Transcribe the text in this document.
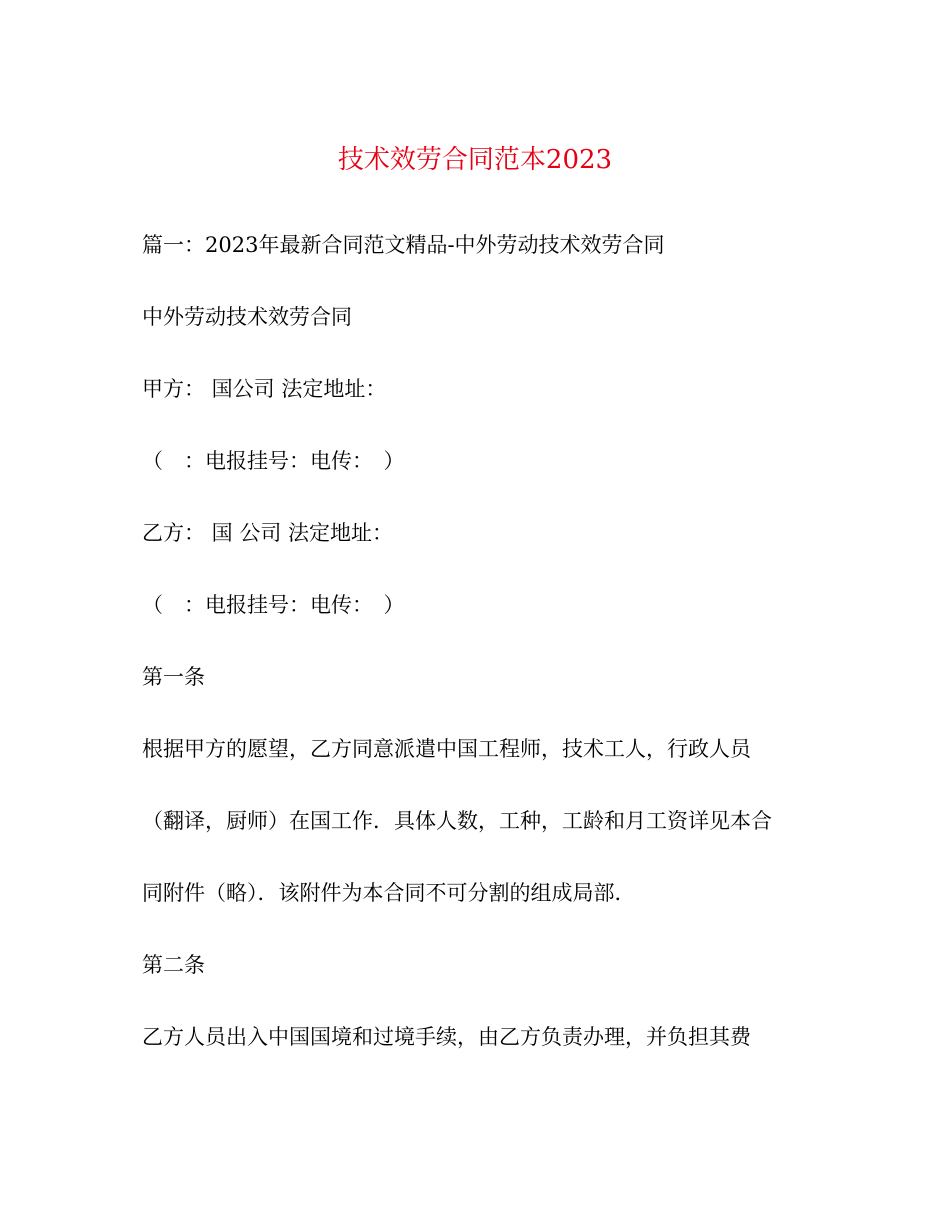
技术效劳合同范本2023

篇一：2023年最新合同范文精品-中外劳动技术效劳合同

中外劳动技术效劳合同

甲方： 国公司 法定地址：

（　：电报挂号：电传：　）

乙方： 国 公司 法定地址：

（　：电报挂号：电传：　）

第一条

根据甲方的愿望，乙方同意派遣中国工程师，技术工人，行政人员

（翻译，厨师）在国工作．具体人数，工种，工龄和月工资详见本合

同附件（略）．该附件为本合同不可分割的组成局部．

第二条

乙方人员出入中国国境和过境手续，由乙方负责办理，并负担其费
